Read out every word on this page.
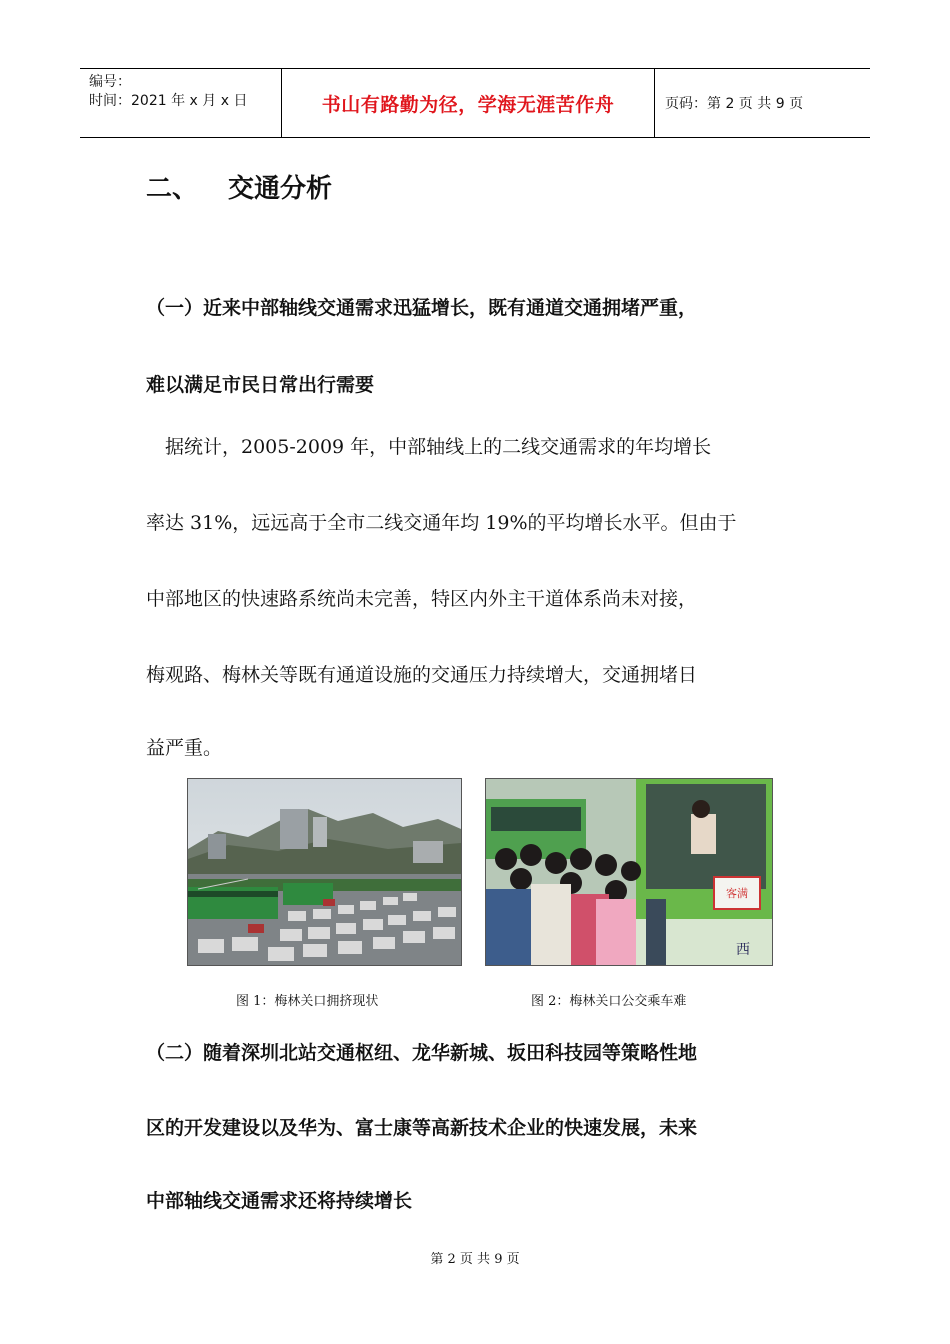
编号：
时间：2021 年 x 月 x 日	书山有路勤为径，学海无涯苦作舟	页码：第 2 页 共 9 页
二、 交通分析
（一）近来中部轴线交通需求迅猛增长，既有通道交通拥堵严重，
难以满足市民日常出行需要
　据统计，2005-2009 年，中部轴线上的二线交通需求的年均增长
率达 31%，远远高于全市二线交通年均 19%的平均增长水平。但由于
中部地区的快速路系统尚未完善，特区内外主干道体系尚未对接，
梅观路、梅林关等既有通道设施的交通压力持续增大，交通拥堵日
益严重。
客满
西
图 1：梅林关口拥挤现状	图 2：梅林关口公交乘车难
（二）随着深圳北站交通枢纽、龙华新城、坂田科技园等策略性地
区的开发建设以及华为、富士康等高新技术企业的快速发展，未来
中部轴线交通需求还将持续增长
第 2 页 共 9 页
